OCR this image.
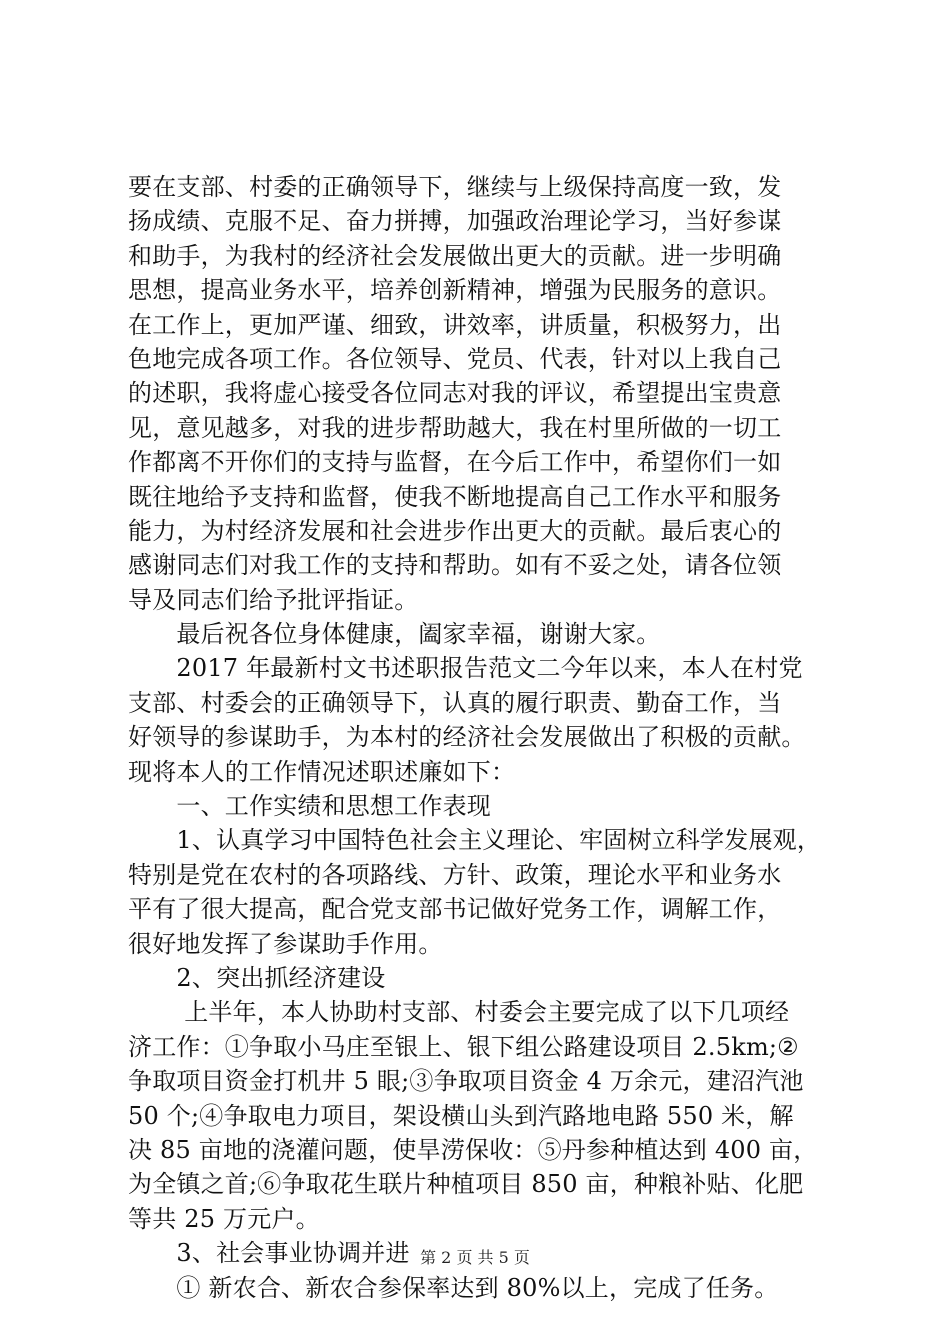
要在支部、村委的正确领导下，继续与上级保持高度一致，发
扬成绩、克服不足、奋力拼搏，加强政治理论学习，当好参谋
和助手，为我村的经济社会发展做出更大的贡献。进一步明确
思想，提高业务水平，培养创新精神，增强为民服务的意识。
在工作上，更加严谨、细致，讲效率，讲质量，积极努力，出
色地完成各项工作。各位领导、党员、代表，针对以上我自己
的述职，我将虚心接受各位同志对我的评议，希望提出宝贵意
见，意见越多，对我的进步帮助越大，我在村里所做的一切工
作都离不开你们的支持与监督，在今后工作中，希望你们一如
既往地给予支持和监督，使我不断地提高自己工作水平和服务
能力，为村经济发展和社会进步作出更大的贡献。最后衷心的
感谢同志们对我工作的支持和帮助。如有不妥之处，请各位领
导及同志们给予批评指证。
　　最后祝各位身体健康，阖家幸福，谢谢大家。
　　2017 年最新村文书述职报告范文二今年以来，本人在村党
支部、村委会的正确领导下，认真的履行职责、勤奋工作，当
好领导的参谋助手，为本村的经济社会发展做出了积极的贡献。
现将本人的工作情况述职述廉如下：
　　一、工作实绩和思想工作表现
　　1、认真学习中国特色社会主义理论、牢固树立科学发展观，
特别是党在农村的各项路线、方针、政策，理论水平和业务水
平有了很大提高，配合党支部书记做好党务工作，调解工作，
很好地发挥了参谋助手作用。
　　2、突出抓经济建设
　　 上半年，本人协助村支部、村委会主要完成了以下几项经
济工作：①争取小马庄至银上、银下组公路建设项目 2.5km;②
争取项目资金打机井 5 眼;③争取项目资金 4 万余元，建沼汽池
50 个;④争取电力项目，架设横山头到汽路地电路 550 米，解
决 85 亩地的浇灌问题，使旱涝保收：⑤丹参种植达到 400 亩，
为全镇之首;⑥争取花生联片种植项目 850 亩，种粮补贴、化肥
等共 25 万元户。
　　3、社会事业协调并进
　　① 新农合、新农合参保率达到 80%以上，完成了任务。
第 2 页 共 5 页
